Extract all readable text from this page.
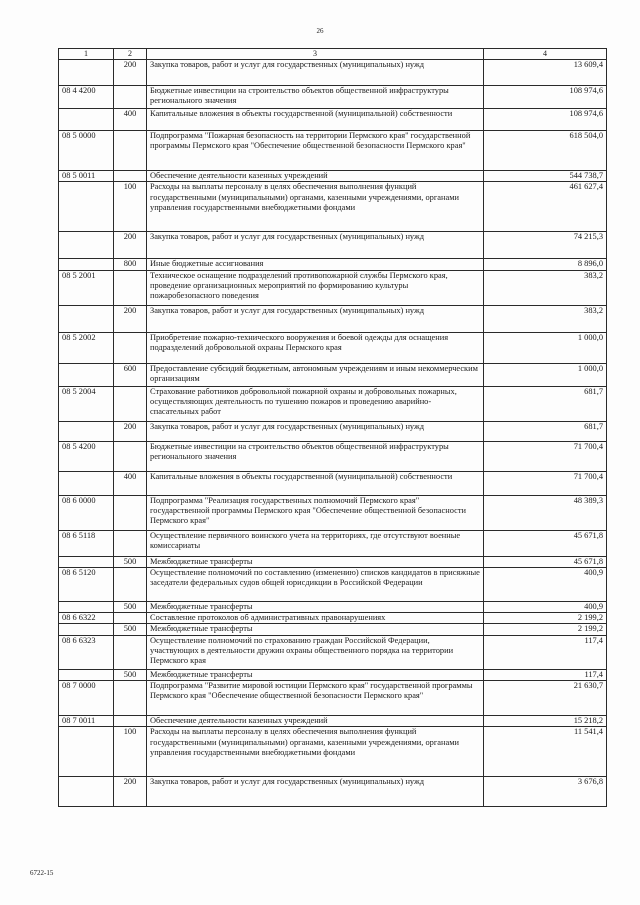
26
1	2	3	4
	200	Закупка товаров, работ и услуг для государственных (муниципальных) нужд	13 609,4
08 4 4200		Бюджетные инвестиции на строительство объектов общественной инфраструктуры регионального значения	108 974,6
	400	Капитальные вложения в объекты государственной (муниципальной) собственности	108 974,6
08 5 0000		Подпрограмма "Пожарная безопасность на территории Пермского края" государственной программы Пермского края "Обеспечение общественной безопасности Пермского края"	618 504,0
08 5 0011		Обеспечение деятельности казенных учреждений	544 738,7
	100	Расходы на выплаты персоналу в целях обеспечения выполнения функций государственными (муниципальными) органами, казенными учреждениями, органами управления государственными внебюджетными фондами	461 627,4
	200	Закупка товаров, работ и услуг для государственных (муниципальных) нужд	74 215,3
	800	Иные бюджетные ассигнования	8 896,0
08 5 2001		Техническое оснащение подразделений противопожарной службы Пермского края, проведение организационных мероприятий по формированию культуры пожаробезопасного поведения	383,2
	200	Закупка товаров, работ и услуг для государственных (муниципальных) нужд	383,2
08 5 2002		Приобретение пожарно-технического вооружения и боевой одежды для оснащения подразделений добровольной охраны Пермского края	1 000,0
	600	Предоставление субсидий бюджетным, автономным учреждениям и иным некоммерческим организациям	1 000,0
08 5 2004		Страхование работников добровольной пожарной охраны и добровольных пожарных, осуществляющих деятельность по тушению пожаров и проведению аварийно-спасательных работ	681,7
	200	Закупка товаров, работ и услуг для государственных (муниципальных) нужд	681,7
08 5 4200		Бюджетные инвестиции на строительство объектов общественной инфраструктуры регионального значения	71 700,4
	400	Капитальные вложения в объекты государственной (муниципальной) собственности	71 700,4
08 6 0000		Подпрограмма "Реализация государственных полномочий Пермского края" государственной программы Пермского края "Обеспечение общественной безопасности Пермского края"	48 389,3
08 6 5118		Осуществление первичного воинского учета на территориях, где отсутствуют военные комиссариаты	45 671,8
	500	Межбюджетные трансферты	45 671,8
08 6 5120		Осуществление полномочий по составлению (изменению) списков кандидатов в присяжные заседатели федеральных судов общей юрисдикции в Российской Федерации	400,9
	500	Межбюджетные трансферты	400,9
08 6 6322		Составление протоколов об административных правонарушениях	2 199,2
	500	Межбюджетные трансферты	2 199,2
08 6 6323		Осуществление полномочий по страхованию граждан Российской Федерации, участвующих в деятельности дружин охраны общественного порядка на территории Пермского края	117,4
	500	Межбюджетные трансферты	117,4
08 7 0000		Подпрограмма "Развитие мировой юстиции Пермского края" государственной программы Пермского края "Обеспечение общественной безопасности Пермского края"	21 630,7
08 7 0011		Обеспечение деятельности казенных учреждений	15 218,2
	100	Расходы на выплаты персоналу в целях обеспечения выполнения функций государственными (муниципальными) органами, казенными учреждениями, органами управления государственными внебюджетными фондами	11 541,4
	200	Закупка товаров, работ и услуг для государственных (муниципальных) нужд	3 676,8
6722-15
